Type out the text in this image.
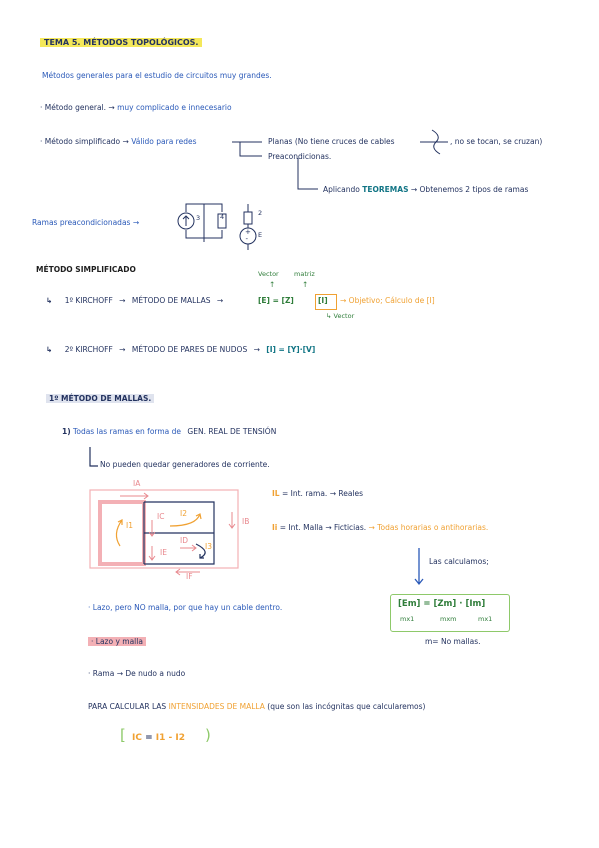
TEMA 5. MÉTODOS TOPOLÓGICOS.
Métodos generales para el estudio de circuitos muy grandes.
· Método general. → muy complicado e innecesario
· Método simplificado → Válido para redes	Planas (No tiene cruces de cables	, no se tocan, se cruzan)
Preacondicionas.
Aplicando TEOREMAS → Obtenemos 2 tipos de ramas
Ramas preacondicionadas →	3	4	2
E
MÉTODO SIMPLIFICADO	Vector matriz
↑	↑
↳ 1º KIRCHOFF → MÉTODO DE MALLAS →	[E] = [Z]	[I] → Objetivo; Cálculo de [I]
↳ Vector
↳ 2º KIRCHOFF → MÉTODO DE PARES DE NUDOS → [I] = [Y]·[V]
1º MÉTODO DE MALLAS.
1) Todas las ramas en forma de GEN. REAL DE TENSIÓN
No pueden quedar generadores de corriente.
IA
IB
IC
ID
IE
IF
I1
I2
I3
IL = Int. rama. → Reales
Ii = Int. Malla → Ficticias. → Todas horarias o antihorarias.
Las calculamos;
[Em] = [Zm] · [Im]
mx1	mxm	mx1
m= No mallas.
· Lazo, pero NO malla, por que hay un cable dentro.
· Lazo y malla
· Rama → De nudo a nudo
PARA CALCULAR LAS INTENSIDADES DE MALLA (que son las incógnitas que calcularemos)
[	)
IC = I1 - I2
+
-
